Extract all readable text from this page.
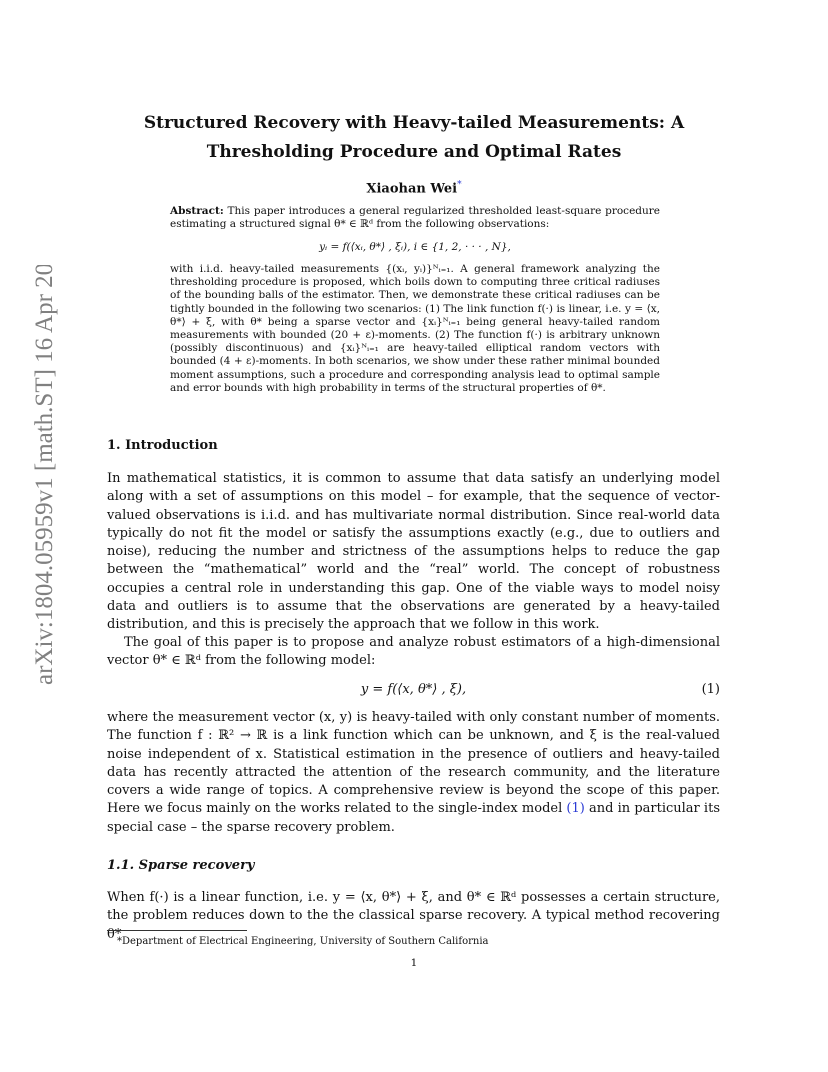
arXiv:1804.05959v1 [math.ST] 16 Apr 2018
Structured Recovery with Heavy-tailed Measurements: A
Thresholding Procedure and Optimal Rates
Xiaohan Wei*
Abstract: This paper introduces a general regularized thresholded least-square procedure estimating a structured signal θ* ∈ ℝᵈ from the following observations:
yᵢ = f(⟨xᵢ, θ*⟩ , ξᵢ), i ∈ {1, 2, · · · , N},
with i.i.d. heavy-tailed measurements {(xᵢ, yᵢ)}ᴺᵢ₌₁. A general framework analyzing the thresholding procedure is proposed, which boils down to computing three critical radiuses of the bounding balls of the estimator. Then, we demonstrate these critical radiuses can be tightly bounded in the following two scenarios: (1) The link function f(·) is linear, i.e. y = ⟨x, θ*⟩ + ξ, with θ* being a sparse vector and {xᵢ}ᴺᵢ₌₁ being general heavy-tailed random measurements with bounded (20 + ε)-moments. (2) The function f(·) is arbitrary unknown (possibly discontinuous) and {xᵢ}ᴺᵢ₌₁ are heavy-tailed elliptical random vectors with bounded (4 + ε)-moments. In both scenarios, we show under these rather minimal bounded moment assumptions, such a procedure and corresponding analysis lead to optimal sample and error bounds with high probability in terms of the structural properties of θ*.
1. Introduction

In mathematical statistics, it is common to assume that data satisfy an underlying model along with a set of assumptions on this model – for example, that the sequence of vector-valued observations is i.i.d. and has multivariate normal distribution. Since real-world data typically do not fit the model or satisfy the assumptions exactly (e.g., due to outliers and noise), reducing the number and strictness of the assumptions helps to reduce the gap between the “mathematical” world and the “real” world. The concept of robustness occupies a central role in understanding this gap. One of the viable ways to model noisy data and outliers is to assume that the observations are generated by a heavy-tailed distribution, and this is precisely the approach that we follow in this work.

The goal of this paper is to propose and analyze robust estimators of a high-dimensional vector θ* ∈ ℝᵈ from the following model:

y = f(⟨x, θ*⟩ , ξ),	(1)

where the measurement vector (x, y) is heavy-tailed with only constant number of moments. The function f : ℝ² → ℝ is a link function which can be unknown, and ξ is the real-valued noise independent of x. Statistical estimation in the presence of outliers and heavy-tailed data has recently attracted the attention of the research community, and the literature covers a wide range of topics. A comprehensive review is beyond the scope of this paper. Here we focus mainly on the works related to the single-index model (1) and in particular its special case – the sparse recovery problem.

1.1. Sparse recovery

When f(·) is a linear function, i.e. y = ⟨x, θ*⟩ + ξ, and θ* ∈ ℝᵈ possesses a certain structure, the problem reduces down to the the classical sparse recovery. A typical method recovering θ*

*Department of Electrical Engineering, University of Southern California
1
